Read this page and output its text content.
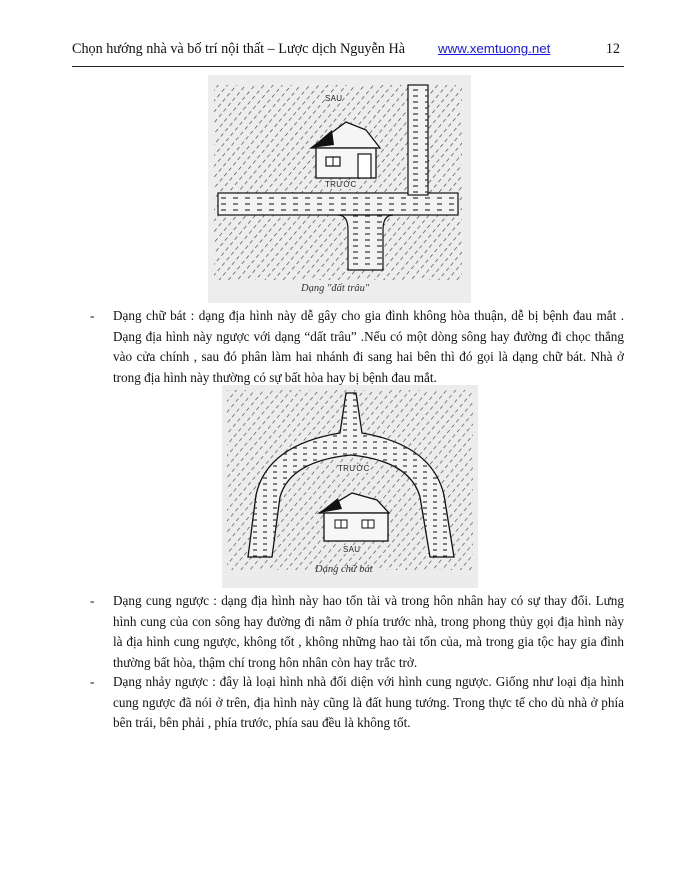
Chọn hướng nhà và bố trí nội thất – Lược dịch Nguyễn Hà www.xemtuong.net	12
SAU
TRƯỚC
Dạng "đất trâu"
- Dạng chữ bát : dạng địa hình này dễ gây cho gia đình không hòa thuận, dễ bị bệnh đau mắt . Dạng địa hình này ngược với dạng “dất trâu” .Nếu có một dòng sông hay đường đi chọc thẳng vào cửa chính , sau đó phân làm hai nhánh đi sang hai bên thì đó gọi là dạng chữ bát. Nhà ở trong địa hình này thường có sự bất hòa hay bị bệnh đau mắt.
TRƯỚC
SAU
Dạng chữ bát
- Dạng cung ngược : dạng địa hình này hao tổn tài và trong hôn nhân hay có sự thay đổi. Lưng hình cung của con sông hay đường đi nằm ở phía trước nhà, trong phong thủy gọi địa hình này là địa hình cung ngược, không tốt , không những hao tài tốn của, mà trong gia tộc hay gia đình thường bất hòa, thậm chí trong hôn nhân còn hay trắc trở.
- Dạng nhảy ngược : đây là loại hình nhà đối diện với hình cung ngược. Giống như loại địa hình cung ngược đã nói ở trên, địa hình này cũng là đất hung tướng. Trong thực tế cho dù nhà ở phía bên trái, bên phải , phía trước, phía sau đều là không tốt.
